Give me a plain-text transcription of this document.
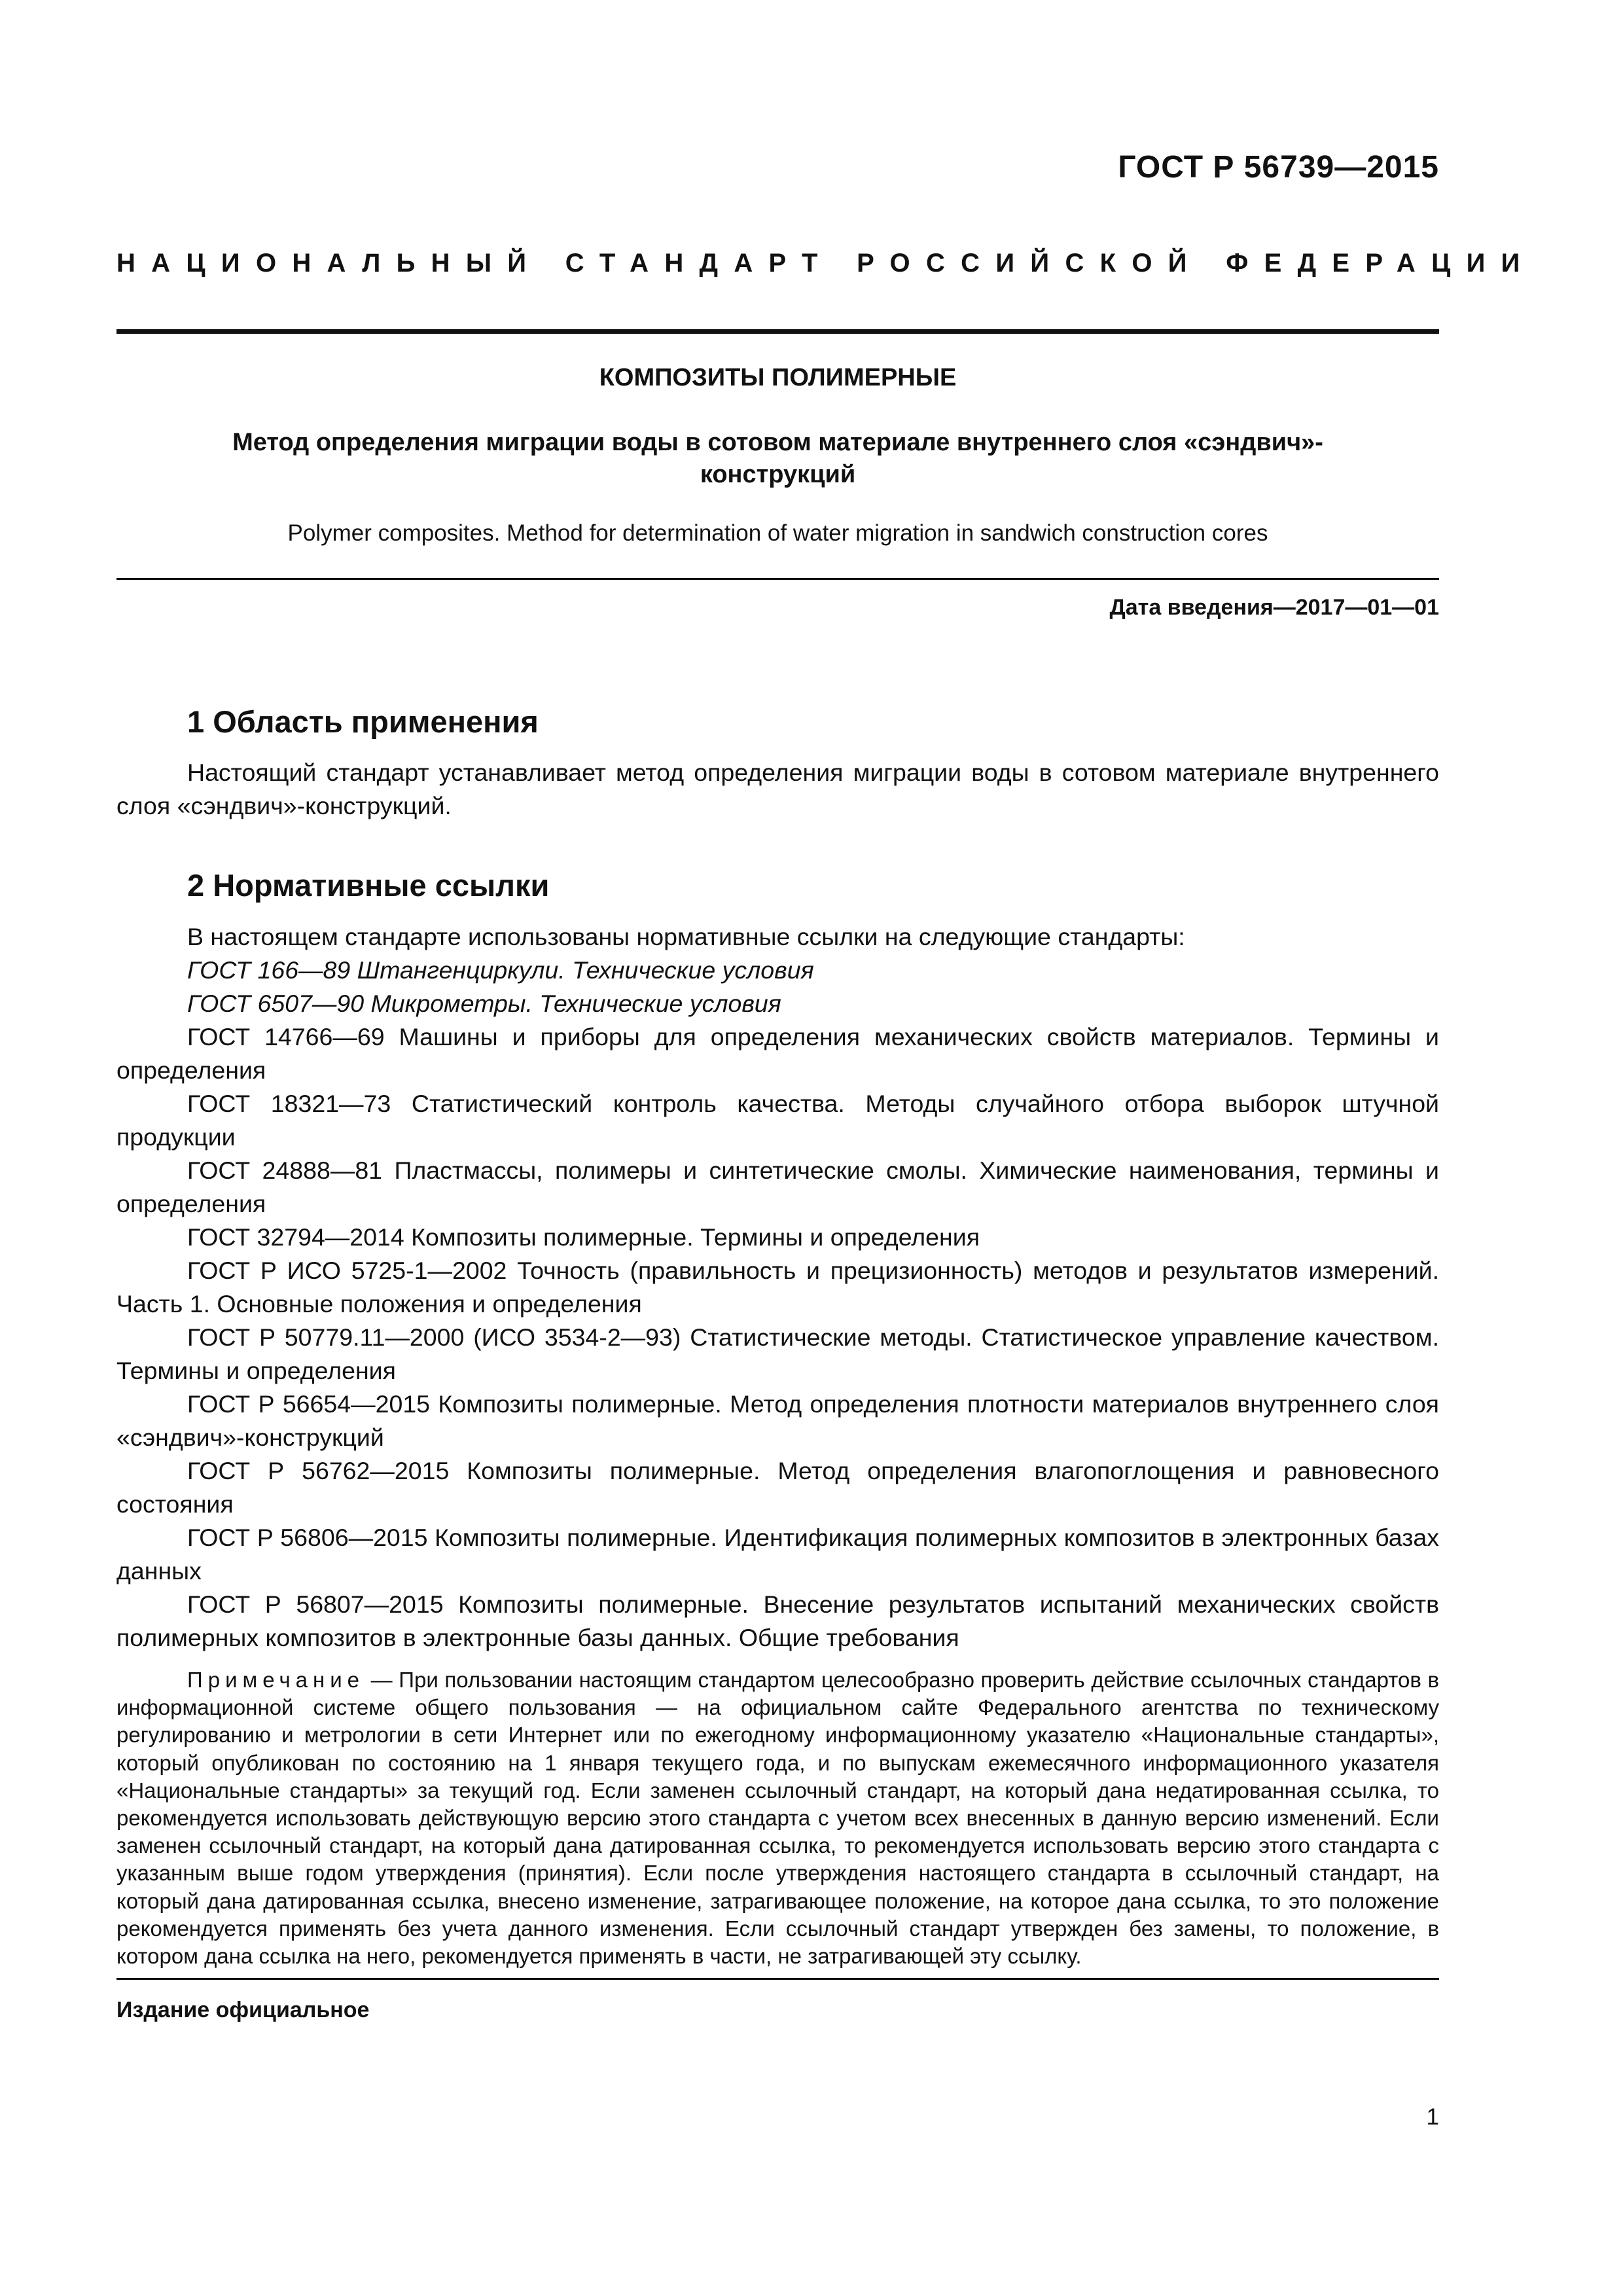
ГОСТ Р 56739—2015
НАЦИОНАЛЬНЫЙ СТАНДАРТ РОССИЙСКОЙ ФЕДЕРАЦИИ
КОМПОЗИТЫ ПОЛИМЕРНЫЕ
Метод определения миграции воды в сотовом материале внутреннего слоя «сэндвич»-конструкций
Polymer composites. Method for determination of water migration in sandwich construction cores
Дата введения—2017—01—01
1 Область применения

Настоящий стандарт устанавливает метод определения миграции воды в сотовом материале внутреннего слоя «сэндвич»-конструкций.

2 Нормативные ссылки

В настоящем стандарте использованы нормативные ссылки на следующие стандарты:

ГОСТ 166—89 Штангенциркули. Технические условия

ГОСТ 6507—90 Микрометры. Технические условия

ГОСТ 14766—69 Машины и приборы для определения механических свойств материалов. Термины и определения

ГОСТ 18321—73 Статистический контроль качества. Методы случайного отбора выборок штучной продукции

ГОСТ 24888—81 Пластмассы, полимеры и синтетические смолы. Химические наименования, термины и определения

ГОСТ 32794—2014 Композиты полимерные. Термины и определения

ГОСТ Р ИСО 5725-1—2002 Точность (правильность и прецизионность) методов и результатов измерений. Часть 1. Основные положения и определения

ГОСТ Р 50779.11—2000 (ИСО 3534-2—93) Статистические методы. Статистическое управление качеством. Термины и определения

ГОСТ Р 56654—2015 Композиты полимерные. Метод определения плотности материалов внутреннего слоя «сэндвич»-конструкций

ГОСТ Р 56762—2015 Композиты полимерные. Метод определения влагопоглощения и равновесного состояния

ГОСТ Р 56806—2015 Композиты полимерные. Идентификация полимерных композитов в электронных базах данных

ГОСТ Р 56807—2015 Композиты полимерные. Внесение результатов испытаний механических свойств полимерных композитов в электронные базы данных. Общие требования

Примечание — При пользовании настоящим стандартом целесообразно проверить действие ссылочных стандартов в информационной системе общего пользования — на официальном сайте Федерального агентства по техническому регулированию и метрологии в сети Интернет или по ежегодному информационному указателю «Национальные стандарты», который опубликован по состоянию на 1 января текущего года, и по выпускам ежемесячного информационного указателя «Национальные стандарты» за текущий год. Если заменен ссылочный стандарт, на который дана недатированная ссылка, то рекомендуется использовать действующую версию этого стандарта с учетом всех внесенных в данную версию изменений. Если заменен ссылочный стандарт, на который дана датированная ссылка, то рекомендуется использовать версию этого стандарта с указанным выше годом утверждения (принятия). Если после утверждения настоящего стандарта в ссылочный стандарт, на который дана датированная ссылка, внесено изменение, затрагивающее положение, на которое дана ссылка, то это положение рекомендуется применять без учета данного изменения. Если ссылочный стандарт утвержден без замены, то положение, в котором дана ссылка на него, рекомендуется применять в части, не затрагивающей эту ссылку.

Издание официальное
1
